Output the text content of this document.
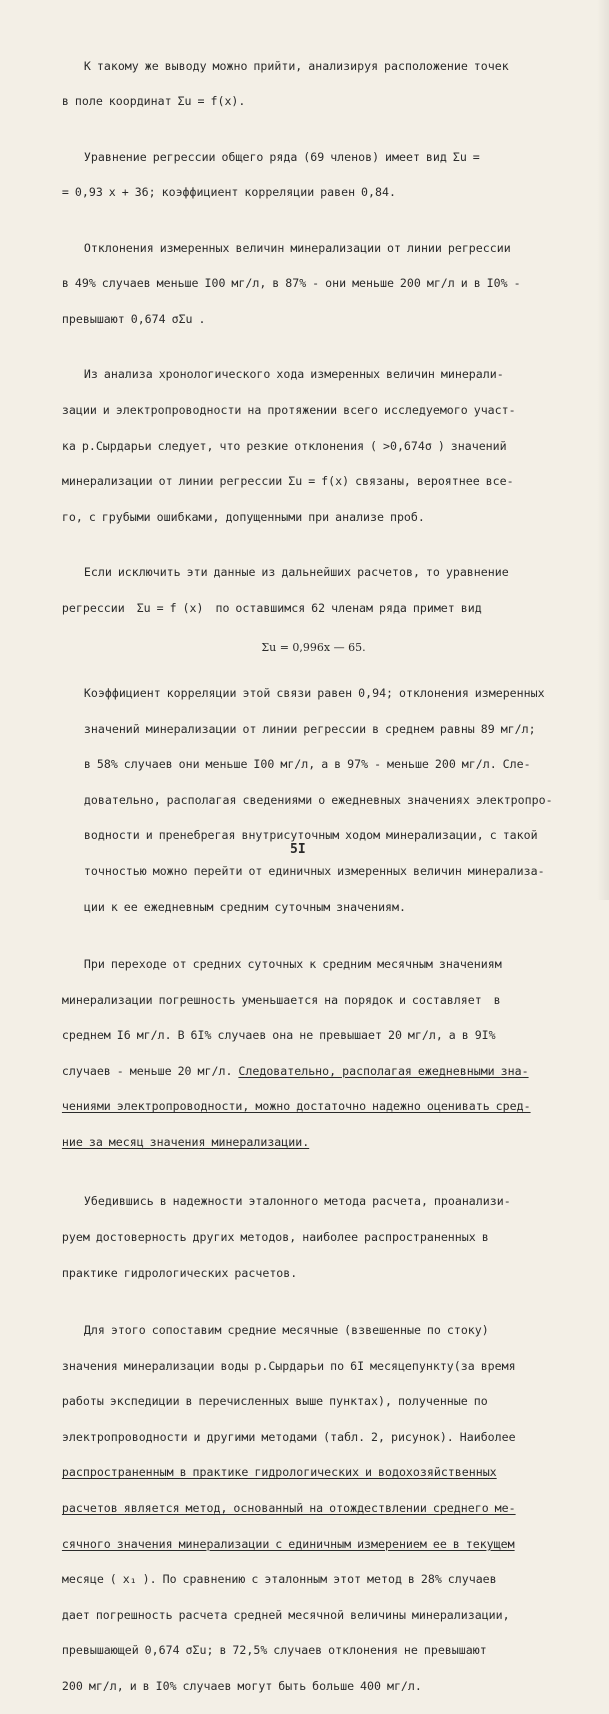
К такому же выводу можно прийти, анализируя расположение точек

в поле координат Σu = f(x).

Уравнение регрессии общего ряда (69 членов) имеет вид Σu =

= 0,93 x + 36; коэффициент корреляции равен 0,84.

Отклонения измеренных величин минерализации от линии регрессии

в 49% случаев меньше I00 мг/л, в 87% - они меньше 200 мг/л и в I0% -

превышают 0,674 σΣu .

Из анализа хронологического хода измеренных величин минерали-

зации и электропроводности на протяжении всего исследуемого участ-

ка р.Сырдарьи следует, что резкие отклонения ( >0,674σ ) значений

минерализации от линии регрессии Σu = f(x) связаны, вероятнее все-

го, с грубыми ошибками, допущенными при анализе проб.

Если исключить эти данные из дальнейших расчетов, то уравнение

регрессии  Σu = f (x)  по оставшимся 62 членам ряда примет вид

Σu = 0,996x — 65.

Коэффициент корреляции этой связи равен 0,94; отклонения измеренных

значений минерализации от линии регрессии в среднем равны 89 мг/л;

в 58% случаев они меньше I00 мг/л, а в 97% - меньше 200 мг/л. Сле-

довательно, располагая сведениями о ежедневных значениях электропро-

водности и пренебрегая внутрисуточным ходом минерализации, с такой

точностью можно перейти от единичных измеренных величин минерализа-

ции к ее ежедневным средним суточным значениям.

При переходе от средних суточных к средним месячным значениям

минерализации погрешность уменьшается на порядок и составляет  в

среднем I6 мг/л. В 6I% случаев она не превышает 20 мг/л, а в 9I%

случаев - меньше 20 мг/л. Следовательно, располагая ежедневными зна-

чениями электропроводности, можно достаточно надежно оценивать сред-

ние за месяц значения минерализации.

Убедившись в надежности эталонного метода расчета, проанализи-

руем достоверность других методов, наиболее распространенных в

практике гидрологических расчетов.

Для этого сопоставим средние месячные (взвешенные по стоку)

значения минерализации воды р.Сырдарьи по 6I месяцепункту(за время

работы экспедиции в перечисленных выше пунктах), полученные по

электропроводности и другими методами (табл. 2, рисунок). Наиболее

распространенным в практике гидрологических и водохозяйственных

расчетов является метод, основанный на отождествлении среднего ме-

сячного значения минерализации с единичным измерением ее в текущем

месяце ( x₁ ). По сравнению с эталонным этот метод в 28% случаев

дает погрешность расчета средней месячной величины минерализации,

превышающей 0,674 σΣu; в 72,5% случаев отклонения не превышают

200 мг/л, и в I0% случаев могут быть больше 400 мг/л.

5I
